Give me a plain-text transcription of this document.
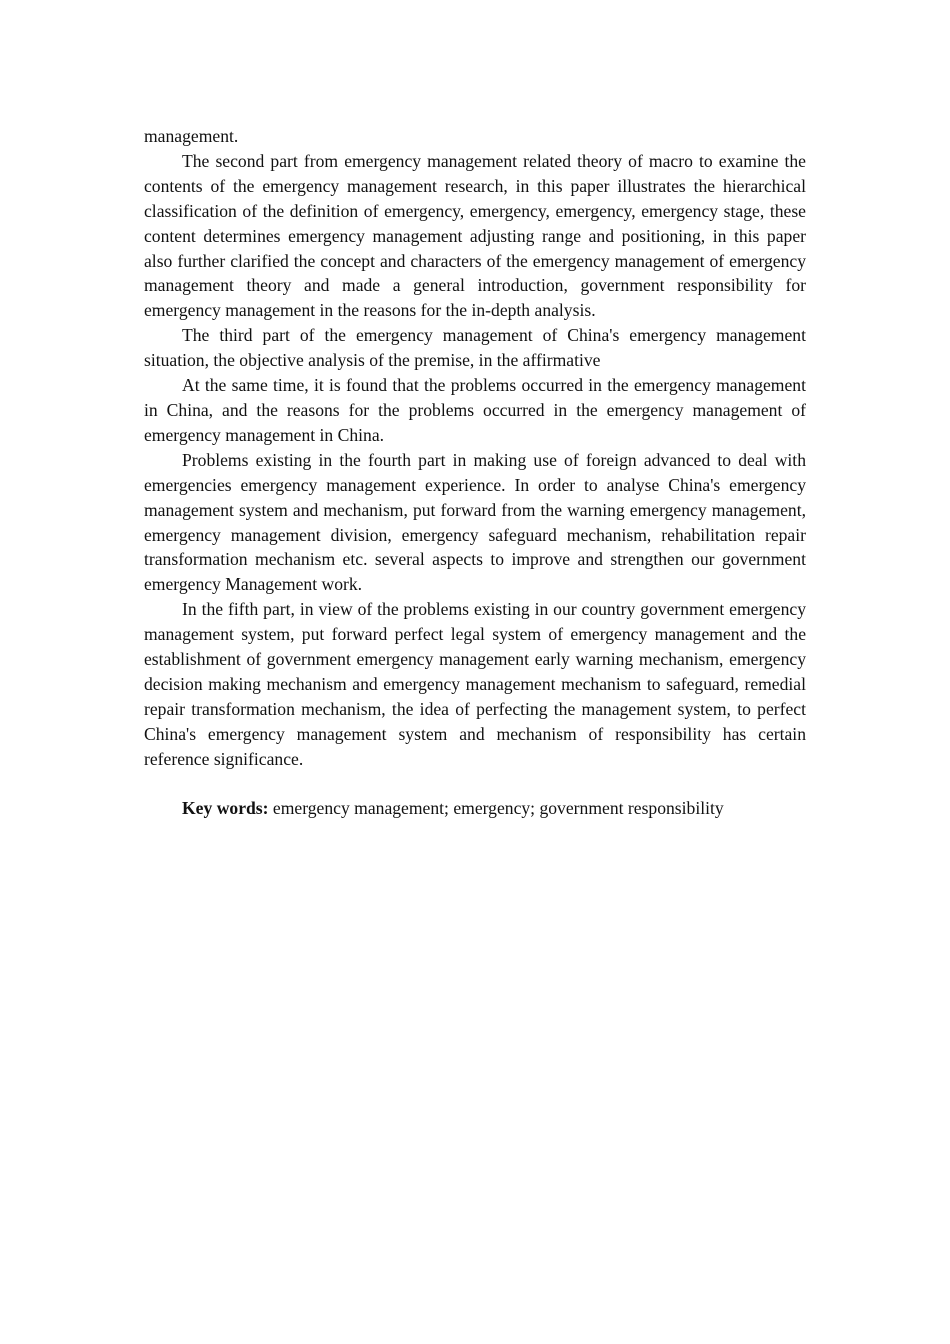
management.

The second part from emergency management related theory of macro to examine the contents of the emergency management research, in this paper illustrates the hierarchical classification of the definition of emergency, emergency, emergency, emergency stage, these content determines emergency management adjusting range and positioning, in this paper also further clarified the concept and characters of the emergency management of emergency management theory and made a general introduction, government responsibility for emergency management in the reasons for the in-depth analysis.

The third part of the emergency management of China's emergency management situation, the objective analysis of the premise, in the affirmative

At the same time, it is found that the problems occurred in the emergency management in China, and the reasons for the problems occurred in the emergency management of emergency management in China.

Problems existing in the fourth part in making use of foreign advanced to deal with emergencies emergency management experience. In order to analyse China's emergency management system and mechanism, put forward from the warning emergency management, emergency management division, emergency safeguard mechanism, rehabilitation repair transformation mechanism etc. several aspects to improve and strengthen our government emergency Management work.

In the fifth part, in view of the problems existing in our country government emergency management system, put forward perfect legal system of emergency management and the establishment of government emergency management early warning mechanism, emergency decision making mechanism and emergency management mechanism to safeguard, remedial repair transformation mechanism, the idea of perfecting the management system, to perfect China's emergency management system and mechanism of responsibility has certain reference significance.

Key words: emergency management; emergency; government responsibility
